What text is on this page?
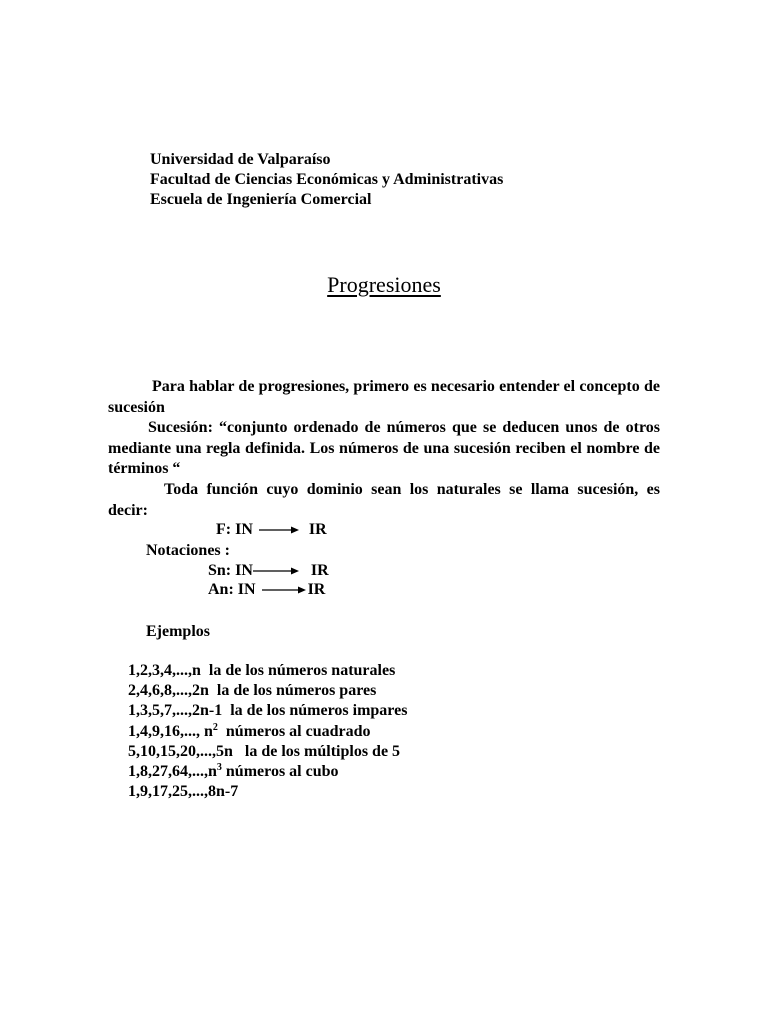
Universidad de Valparaíso
Facultad de Ciencias Económicas y Administrativas
Escuela de Ingeniería Comercial
Progresiones
Para hablar de progresiones, primero es necesario entender el concepto de sucesión
Sucesión: “conjunto ordenado de números que se deducen unos de otros mediante una regla definida. Los números de una sucesión reciben el nombre de términos “
Toda función cuyo dominio sean los naturales se llama sucesión, es decir:
F: IN	IR
Notaciones :
Sn: IN	IR
An: IN	IR
Ejemplos
1,2,3,4,...,n  la de los números naturales
2,4,6,8,...,2n  la de los números pares
1,3,5,7,...,2n-1  la de los números impares
1,4,9,16,..., $n^2$  números al cuadrado
5,10,15,20,...,5n   la de los múltiplos de 5
$1,8,27,64,...,n^3$ números al cubo
1,9,17,25,...,8n-7
